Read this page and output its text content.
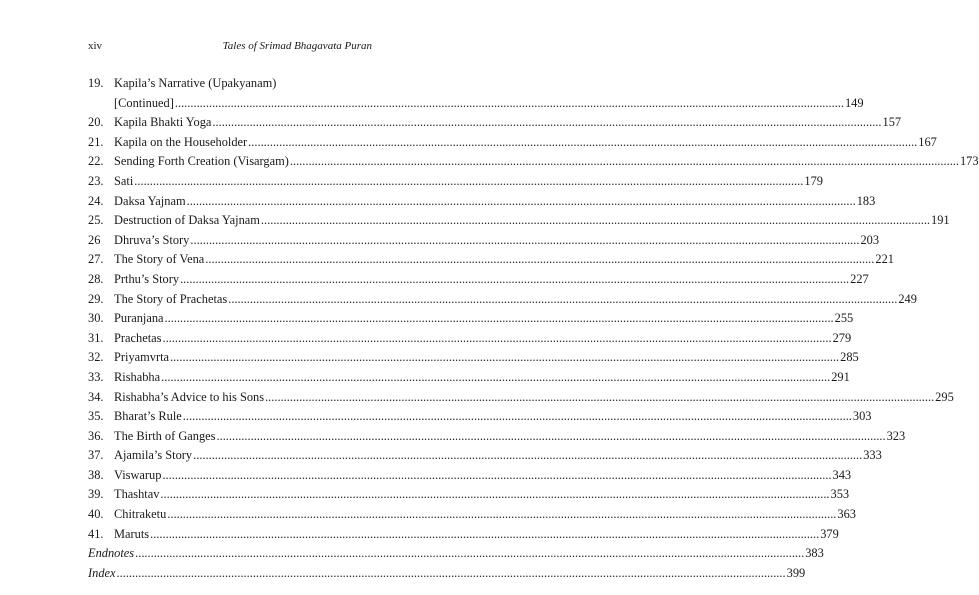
xiv	Tales of Srimad Bhagavata Puran
19. Kapila’s Narrative (Upakyanam)
[Continued] .....	149
20. Kapila Bhakti Yoga .....	157
21. Kapila on the Householder .....	167
22. Sending Forth Creation (Visargam) .....	173
23. Sati .....	179
24. Daksa Yajnam .....	183
25. Destruction of Daksa Yajnam .....	191
26	Dhruva’s Story .....	203
27. The Story of Vena .....	221
28. Prthu’s Story .....	227
29. The Story of Prachetas .....	249
30. Puranjana .....	255
31. Prachetas .....	279
32. Priyamvrta .....	285
33. Rishabha .....	291
34. Rishabha’s Advice to his Sons .....	295
35. Bharat’s Rule .....	303
36. The Birth of Ganges .....	323
37. Ajamila’s Story .....	333
38. Viswarup .....	343
39. Thashtav .....	353
40. Chitraketu .....	363
41. Maruts .....	379
Endnotes .....	383
Index .....	399
